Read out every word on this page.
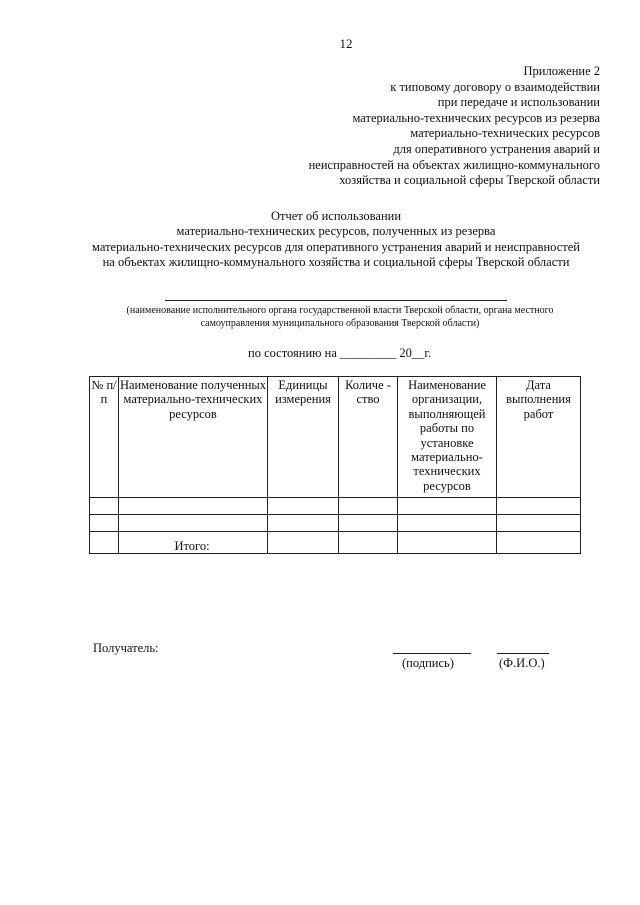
12
Приложение 2
к типовому договору о взаимодействии
при передаче и использовании
материально-технических ресурсов из резерва
материально-технических ресурсов
для оперативного устранения аварий и
неисправностей на объектах жилищно-коммунального
хозяйства и социальной сферы Тверской области
Отчет об использовании
материально-технических ресурсов, полученных из резерва
материально-технических ресурсов для оперативного устранения аварий и неисправностей
на объектах жилищно-коммунального хозяйства и социальной сферы Тверской области
(наименование исполнительного органа государственной власти Тверской области, органа местного
самоуправления муниципального образования Тверской области)
по состоянию на _________ 20__г.
№ п/п	Наименование полученных материально-технических ресурсов	Единицы измерения	Количе - ство	Наименование организации, выполняющей работы по установке материально-технических ресурсов	Дата выполнения работ

	Итого:				
Получатель:
(подпись)	(Ф.И.О.)
